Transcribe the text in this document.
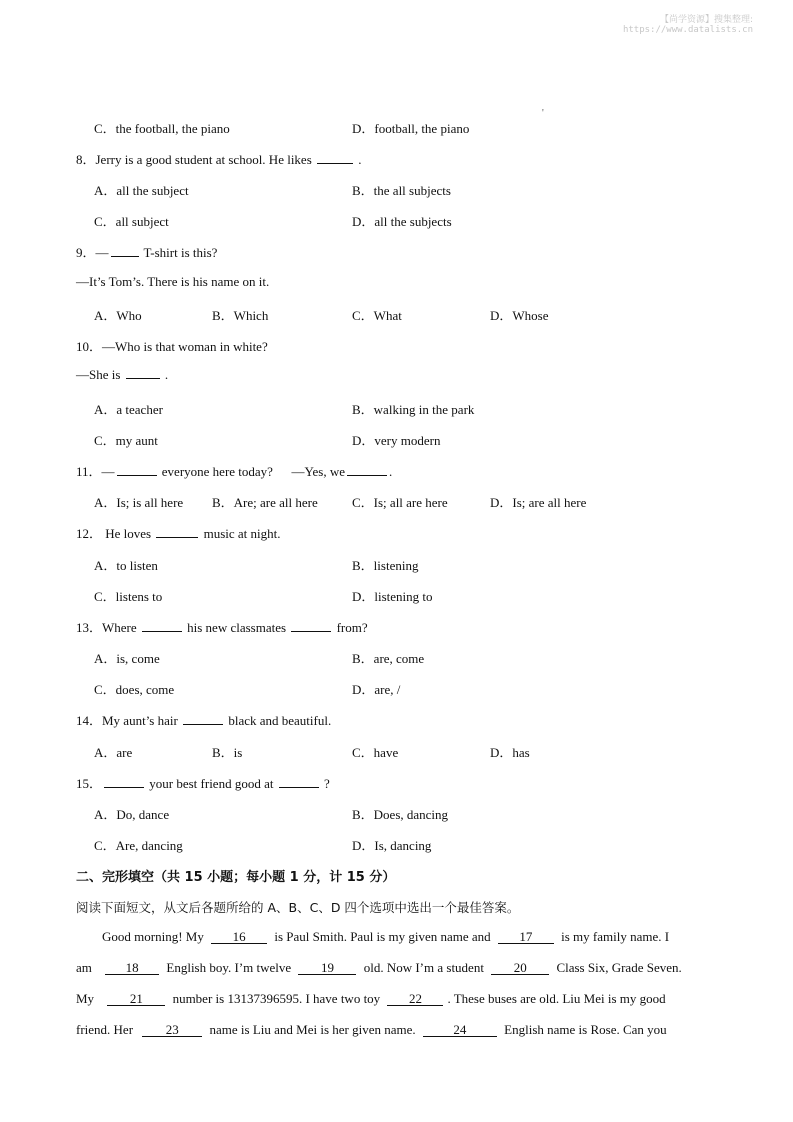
【尚学资源】搜集整理:
https://www.datalists.cn
'
C．the football, the piano	D．football, the piano
8．Jerry is a good student at school. He likes	.
A．all the subject	B．the all subjects
C．all subject	D．all the subjects
9．—	T-shirt is this?
—It’s Tom’s. There is his name on it.
A．Who	B．Which	C．What	D．Whose
10．—Who is that woman in white?
—She is	.
A．a teacher	B．walking in the park
C．my aunt	D．very modern
11．—	everyone here today? —Yes, we	.
A．Is; is all here B．Are; are all here	C．Is; all are here	D．Is; are all here
12． He loves	music at night.
A．to listen	B．listening
C．listens to	D．listening to
13．Where	his new classmates	from?
A．is, come	B．are, come
C．does, come	D．are, /
14．My aunt’s hair	black and beautiful.
A．are	B．is	C．have	D．has
15．	your best friend good at	?
A．Do, dance	B．Does, dancing
C．Are, dancing	D．Is, dancing
二、完形填空（共 15 小题；每小题 1 分，计 15 分）
阅读下面短文，从文后各题所给的 A、B、C、D 四个选项中选出一个最佳答案。
Good morning! My 16 is Paul Smith. Paul is my given name and 17 is my family name. I
am	18 English boy. I’m twelve 19 old. Now I’m a student 20 Class Six, Grade Seven.
My	21 number is 13137396595. I have two toy 22 . These buses are old. Liu Mei is my good
friend. Her	23 name is Liu and Mei is her given name.	24	English name is Rose. Can you
